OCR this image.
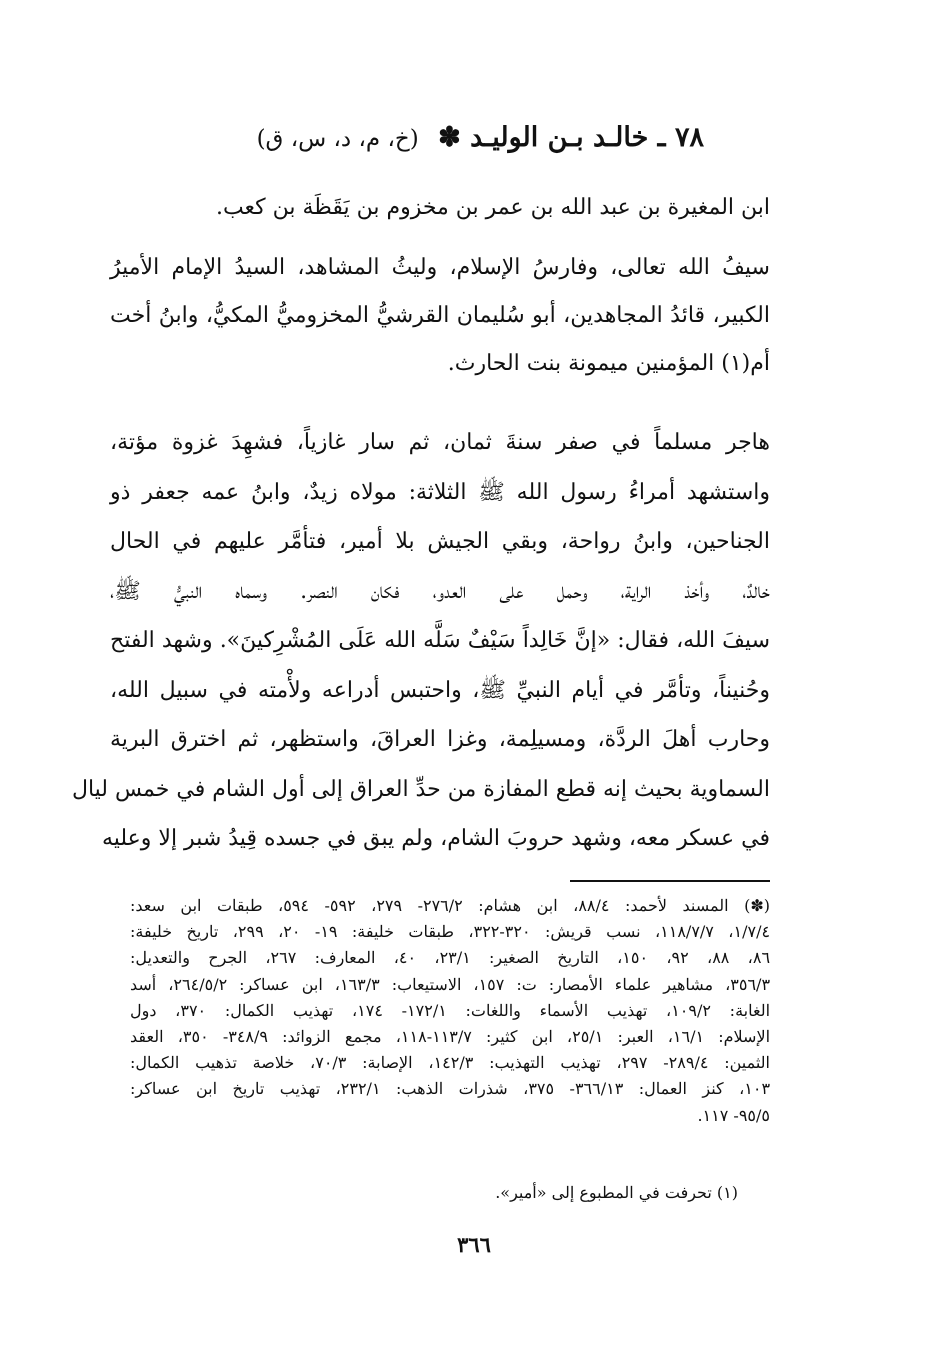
٧٨ ـ خالـد بـن الوليـد ✽ (خ، م، د، س، ق)
ابن المغيرة بن عبد الله بن عمر بن مخزوم بن يَقَظَة بن كعب.
سيفُ الله تعالى، وفارسُ الإسلام، وليثُ المشاهد، السيدُ الإمام الأميرُ
الكبير، قائدُ المجاهدين، أبو سُليمان القرشيُّ المخزوميُّ المكيُّ، وابنُ أخت
أم(١) المؤمنين ميمونة بنت الحارث.
هاجر مسلماً في صفر سنةَ ثمان، ثم سار غازياً، فشهِدَ غزوة مؤتة،
واستشهد أمراءُ رسول الله ﷺ الثلاثة: مولاه زيدٌ، وابنُ عمه جعفر ذو
الجناحين، وابنُ رواحة، وبقي الجيش بلا أمير، فتأمَّر عليهم في الحال
خالدٌ، وأخذ الراية، وحمل على العدو، فكان النصر. وسماه النبيُّ ﷺ،
سيفَ الله، فقال: «إنَّ خَالِداً سَيْفٌ سَلَّه الله عَلَى المُشْرِكينَ». وشهد الفتح
وحُنيناً، وتأمَّر في أيام النبيِّ ﷺ، واحتبس أدراعه ولأْمته في سبيل الله،
وحارب أهلَ الردَّة، ومسيلِمة، وغزا العراقَ، واستظهر، ثم اخترق البرية
السماوية بحيث إنه قطع المفازة من حدِّ العراق إلى أول الشام في خمس ليال
في عسكر معه، وشهد حروبَ الشام، ولم يبق في جسده قِيدُ شبر إلا وعليه
(✽) المسند لأحمد: ٨٨/٤، ابن هشام: ٢٧٦/٢- ٢٧٩، ٥٩٢- ٥٩٤، طبقات ابن سعد:
١/٧/٤، ١١٨/٧/٧، نسب قريش: ٣٢٠-٣٢٢، طبقات خليفة: ١٩- ٢٠، ٢٩٩، تاريخ خليفة:
٨٦، ٨٨، ٩٢، ١٥٠، التاريخ الصغير: ٢٣/١، ٤٠، المعارف: ٢٦٧، الجرح والتعديل:
٣٥٦/٣، مشاهير علماء الأمصار: ت: ١٥٧، الاستيعاب: ١٦٣/٣، ابن عساكر: ٢٦٤/٥/٢، أسد
الغابة: ١٠٩/٢، تهذيب الأسماء واللغات: ١٧٢/١- ١٧٤، تهذيب الكمال: ٣٧٠، دول
الإسلام: ١٦/١، العبر: ٢٥/١، ابن كثير: ١١٣/٧-١١٨، مجمع الزوائد: ٣٤٨/٩- ٣٥٠، العقد
الثمين: ٢٨٩/٤- ٢٩٧، تهذيب التهذيب: ١٤٢/٣، الإصابة: ٧٠/٣، خلاصة تذهيب الكمال:
١٠٣، كنز العمال: ٣٦٦/١٣- ٣٧٥، شذرات الذهب: ٢٣٢/١، تهذيب تاريخ ابن عساكر:
٩٥/٥- ١١٧.
(١) تحرفت في المطبوع إلى «أمير».
٣٦٦
